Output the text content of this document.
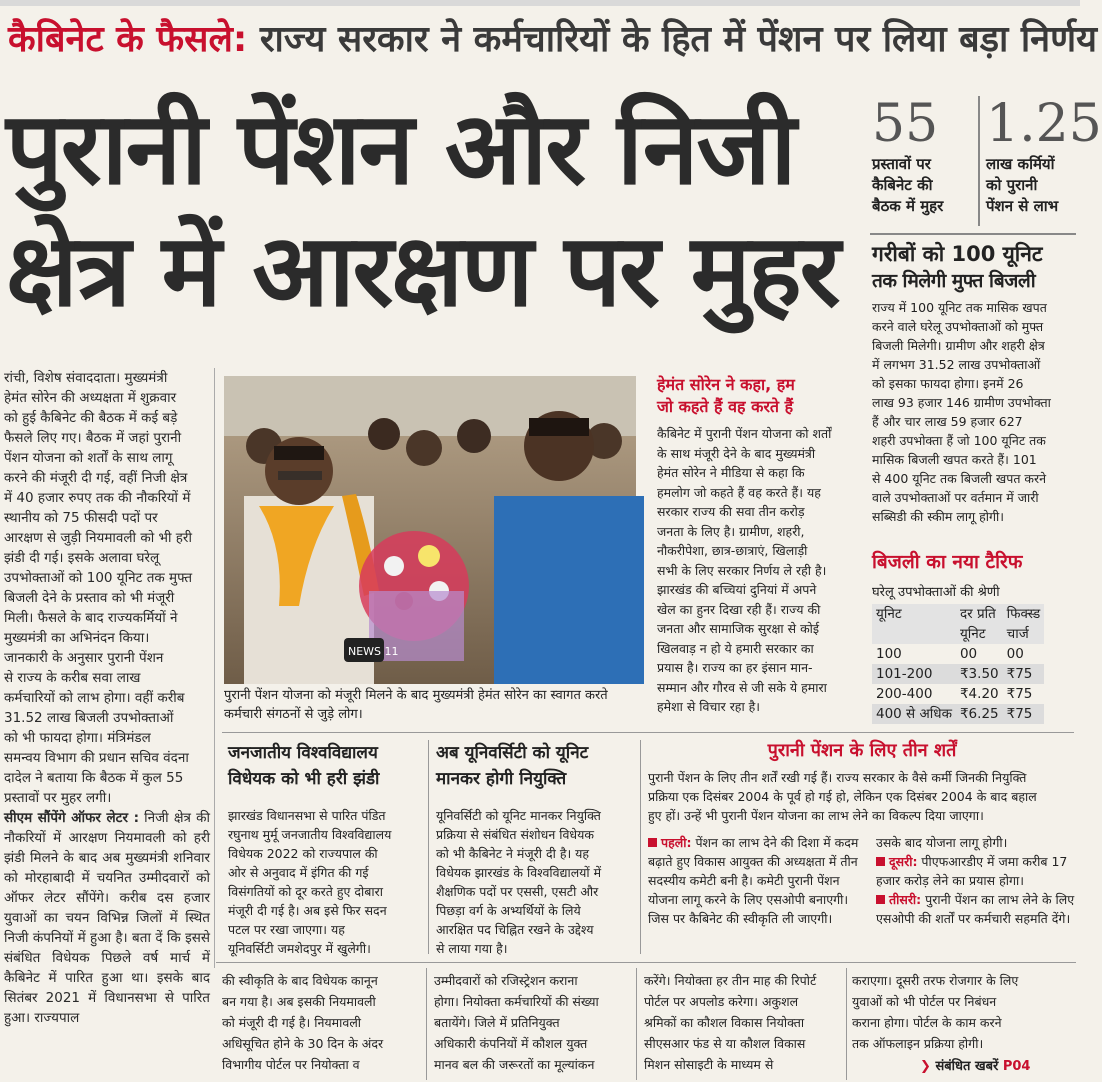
कैबिनेट के फैसले: राज्य सरकार ने कर्मचारियों के हित में पेंशन पर लिया बड़ा निर्णय
पुरानी पेंशन और निजी
क्षेत्र में आरक्षण पर मुहर
55
प्रस्तावों पर
कैबिनेट की
बैठक में मुहर
1.25
लाख कर्मियों
को पुरानी
पेंशन से लाभ
गरीबों को 100 यूनिट
तक मिलेगी मुफ्त बिजली
राज्य में 100 यूनिट तक मासिक खपत
करने वाले घरेलू उपभोक्ताओं को मुफ्त
बिजली मिलेगी। ग्रामीण और शहरी क्षेत्र
में लगभग 31.52 लाख उपभोक्ताओं
को इसका फायदा होगा। इनमें 26
लाख 93 हजार 146 ग्रामीण उपभोक्ता
हैं और चार लाख 59 हजार 627
शहरी उपभोक्ता हैं जो 100 यूनिट तक
मासिक बिजली खपत करते हैं। 101
से 400 यूनिट तक बिजली खपत करने
वाले उपभोक्ताओं पर वर्तमान में जारी
सब्सिडी की स्कीम लागू होगी।
बिजली का नया टैरिफ
घरेलू उपभोक्ताओं की श्रेणी
यूनिट	दर प्रति	फिक्स्ड
	यूनिट	चार्ज
100	00	00
101-200	₹3.50	₹75
200-400	₹4.20	₹75
400 से अधिक	₹6.25	₹75
रांची, विशेष संवाददाता। मुख्यमंत्री
हेमंत सोरेन की अध्यक्षता में शुक्रवार
को हुई कैबिनेट की बैठक में कई बड़े
फैसले लिए गए। बैठक में जहां पुरानी
पेंशन योजना को शर्तों के साथ लागू
करने की मंजूरी दी गई, वहीं निजी क्षेत्र
में 40 हजार रुपए तक की नौकरियों में
स्थानीय को 75 फीसदी पदों पर
आरक्षण से जुड़ी नियमावली को भी हरी
झंडी दी गई। इसके अलावा घरेलू
उपभोक्ताओं को 100 यूनिट तक मुफ्त
बिजली देने के प्रस्ताव को भी मंजूरी
मिली। फैसले के बाद राज्यकर्मियों ने
मुख्यमंत्री का अभिनंदन किया।
जानकारी के अनुसार पुरानी पेंशन
से राज्य के करीब सवा लाख
कर्मचारियों को लाभ होगा। वहीं करीब
31.52 लाख बिजली उपभोक्ताओं
को भी फायदा होगा। मंत्रिमंडल
समन्वय विभाग की प्रधान सचिव वंदना
दादेल ने बताया कि बैठक में कुल 55
प्रस्तावों पर मुहर लगी।
सीएम सौंपेंगे ऑफर लेटर : निजी क्षेत्र की नौकरियों में आरक्षण नियमावली को हरी झंडी मिलने के बाद अब मुख्यमंत्री शनिवार को मोरहाबादी में चयनित उम्मीदवारों को ऑफर लेटर सौंपेंगे। करीब दस हजार युवाओं का चयन विभिन्न जिलों में स्थित निजी कंपनियों में हुआ है। बता दें कि इससे संबंधित विधेयक पिछले वर्ष मार्च में कैबिनेट में पारित हुआ था। इसके बाद सितंबर 2021 में विधानसभा से पारित हुआ। राज्यपाल
NEWS 11
पुरानी पेंशन योजना को मंजूरी मिलने के बाद मुख्यमंत्री हेमंत सोरेन का स्वागत करते कर्मचारी संगठनों से जुड़े लोग।
हेमंत सोरेन ने कहा, हम
जो कहते हैं वह करते हैं
कैबिनेट में पुरानी पेंशन योजना को शर्तों
के साथ मंजूरी देने के बाद मुख्यमंत्री
हेमंत सोरेन ने मीडिया से कहा कि
हमलोग जो कहते हैं वह करते हैं। यह
सरकार राज्य की सवा तीन करोड़
जनता के लिए है। ग्रामीण, शहरी,
नौकरीपेशा, छात्र-छात्राएं, खिलाड़ी
सभी के लिए सरकार निर्णय ले रही है।
झारखंड की बच्चियां दुनियां में अपने
खेल का हुनर दिखा रही हैं। राज्य की
जनता और सामाजिक सुरक्षा से कोई
खिलवाड़ न हो ये हमारी सरकार का
प्रयास है। राज्य का हर इंसान मान-
सम्मान और गौरव से जी सके ये हमारा
हमेशा से विचार रहा है।
जनजातीय विश्वविद्यालय
विधेयक को भी हरी झंडी
झारखंड विधानसभा से पारित पंडित
रघुनाथ मुर्मू जनजातीय विश्वविद्यालय
विधेयक 2022 को राज्यपाल की
ओर से अनुवाद में इंगित की गई
विसंगतियों को दूर करते हुए दोबारा
मंजूरी दी गई है। अब इसे फिर सदन
पटल पर रखा जाएगा। यह
यूनिवर्सिटी जमशेदपुर में खुलेगी।
अब यूनिवर्सिटी को यूनिट
मानकर होगी नियुक्ति
यूनिवर्सिटी को यूनिट मानकर नियुक्ति
प्रक्रिया से संबंधित संशोधन विधेयक
को भी कैबिनेट ने मंजूरी दी है। यह
विधेयक झारखंड के विश्वविद्यालयों में
शैक्षणिक पदों पर एससी, एसटी और
पिछड़ा वर्ग के अभ्यर्थियों के लिये
आरक्षित पद चिह्नित रखने के उद्देश्य
से लाया गया है।
पुरानी पेंशन के लिए तीन शर्तें
पुरानी पेंशन के लिए तीन शर्तें रखी गई हैं। राज्य सरकार के वैसे कर्मी जिनकी नियुक्ति
प्रक्रिया एक दिसंबर 2004 के पूर्व हो गई हो, लेकिन एक दिसंबर 2004 के बाद बहाल
हुए हों। उन्हें भी पुरानी पेंशन योजना का लाभ लेने का विकल्प दिया जाएगा।
पहली: पेंशन का लाभ देने की दिशा में कदम बढ़ाते हुए विकास आयुक्त की अध्यक्षता में तीन सदस्यीय कमेटी बनी है। कमेटी पुरानी पेंशन योजना लागू करने के लिए एसओपी बनाएगी। जिस पर कैबिनेट की स्वीकृति ली जाएगी।
उसके बाद योजना लागू होगी।
दूसरी: पीएफआरडीए में जमा करीब 17 हजार करोड़ लेने का प्रयास होगा।
तीसरी: पुरानी पेंशन का लाभ लेने के लिए एसओपी की शर्तों पर कर्मचारी सहमति देंगे।
की स्वीकृति के बाद विधेयक कानून
बन गया है। अब इसकी नियमावली
को मंजूरी दी गई है। नियमावली
अधिसूचित होने के 30 दिन के अंदर
विभागीय पोर्टल पर नियोक्ता व
उम्मीदवारों को रजिस्ट्रेशन कराना
होगा। नियोक्ता कर्मचारियों की संख्या
बतायेंगे। जिले में प्रतिनियुक्त
अधिकारी कंपनियों में कौशल युक्त
मानव बल की जरूरतों का मूल्यांकन
करेंगे। नियोक्ता हर तीन माह की रिपोर्ट
पोर्टल पर अपलोड करेगा। अकुशल
श्रमिकों का कौशल विकास नियोक्ता
सीएसआर फंड से या कौशल विकास
मिशन सोसाइटी के माध्यम से
कराएगा। दूसरी तरफ रोजगार के लिए
युवाओं को भी पोर्टल पर निबंधन
कराना होगा। पोर्टल के काम करने
तक ऑफलाइन प्रक्रिया होगी।
❯ संबंधित खबरें P04
